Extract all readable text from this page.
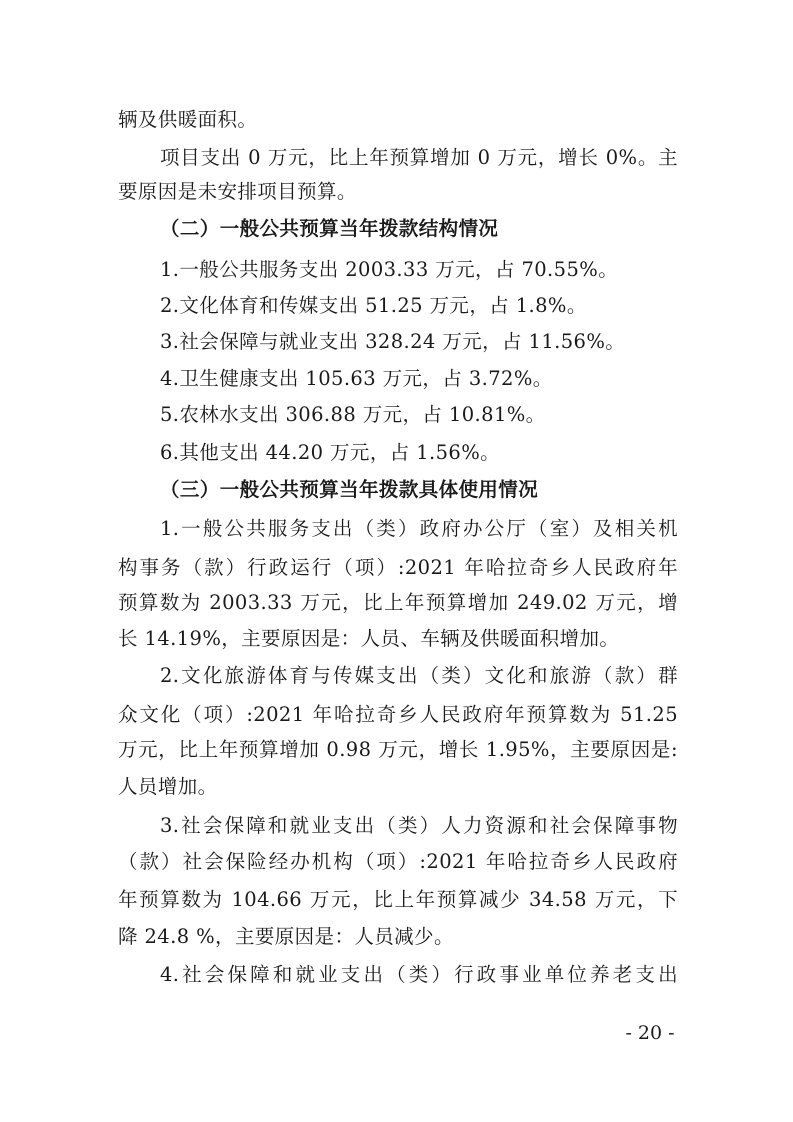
辆及供暖面积。
项目支出 0 万元，比上年预算增加 0 万元，增长 0%。主
要原因是未安排项目预算。
（二）一般公共预算当年拨款结构情况
1.一般公共服务支出 2003.33 万元，占 70.55%。
2.文化体育和传媒支出 51.25 万元，占 1.8%。
3.社会保障与就业支出 328.24 万元，占 11.56%。
4.卫生健康支出 105.63 万元，占 3.72%。
5.农林水支出 306.88 万元，占 10.81%。
6.其他支出 44.20 万元，占 1.56%。
（三）一般公共预算当年拨款具体使用情况
1.一般公共服务支出（类）政府办公厅（室）及相关机
构事务（款）行政运行（项）:2021 年哈拉奇乡人民政府年
预算数为 2003.33 万元，比上年预算增加 249.02 万元，增
长 14.19%，主要原因是：人员、车辆及供暖面积增加。
2.文化旅游体育与传媒支出（类）文化和旅游（款）群
众文化（项）:2021 年哈拉奇乡人民政府年预算数为 51.25
万元，比上年预算增加 0.98 万元，增长 1.95%，主要原因是:
人员增加。
3.社会保障和就业支出（类）人力资源和社会保障事物
（款）社会保险经办机构（项）:2021 年哈拉奇乡人民政府
年预算数为 104.66 万元，比上年预算减少 34.58 万元，下
降 24.8 %，主要原因是：人员减少。
4.社会保障和就业支出（类）行政事业单位养老支出
- 20 -
